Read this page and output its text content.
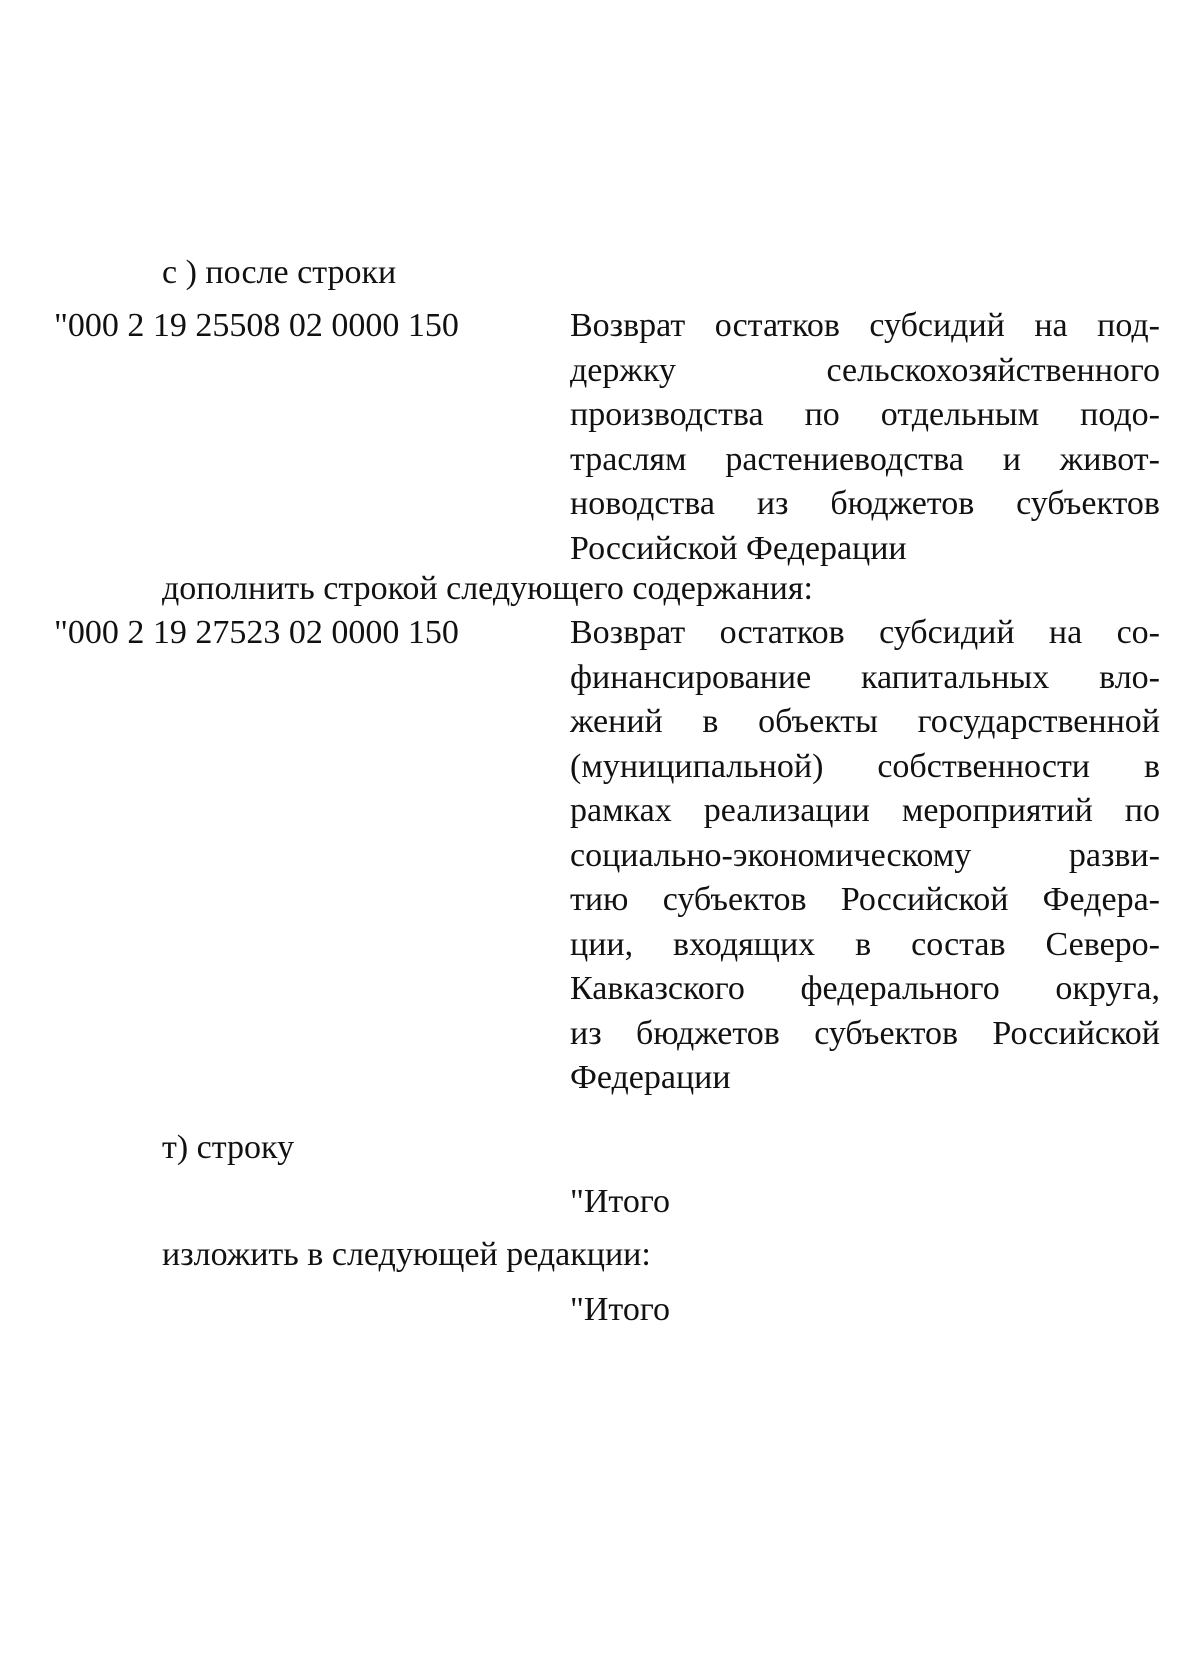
с ) после строки
"000 2 19 25508 02 0000 150	Возврат остатков субсидий на под-
держку сельскохозяйственного
производства по отдельным подо-
траслям растениеводства и живот-
новодства из бюджетов субъектов
Российской Федерации
дополнить строкой следующего содержания:
"000 2 19 27523 02 0000 150	Возврат остатков субсидий на со-
финансирование капитальных вло-
жений в объекты государственной
(муниципальной) собственности в
рамках реализации мероприятий по
социально-экономическому разви-
тию субъектов Российской Федера-
ции, входящих в состав Северо-
Кавказского федерального округа,
из бюджетов субъектов Российской
Федерации
т) строку
"Итого
изложить в следующей редакции:
"Итого
